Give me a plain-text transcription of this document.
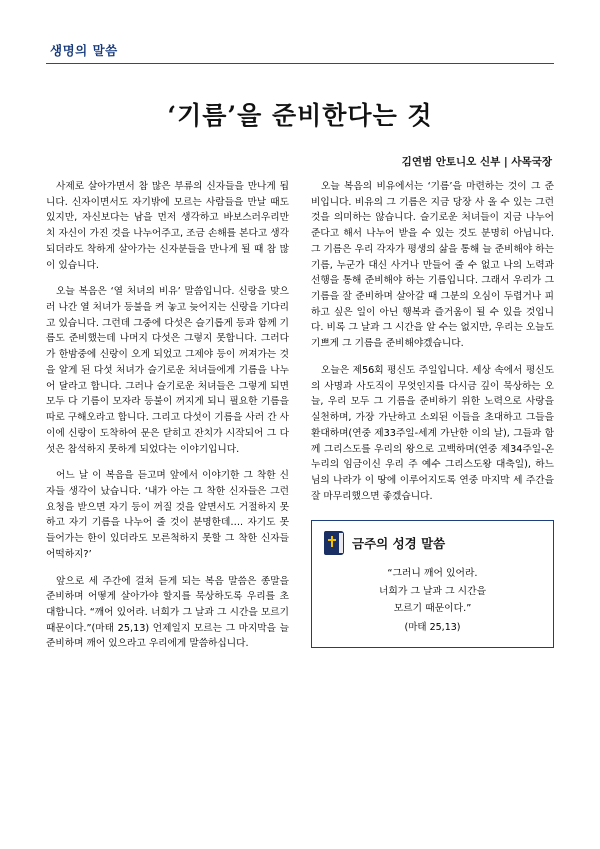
생명의 말씀
‘기름’을 준비한다는 것
김연범 안토니오 신부 | 사목국장

사제로 살아가면서 참 많은 부류의 신자들을 만나게 됩니다. 신자이면서도 자기밖에 모르는 사람들을 만날 때도 있지만, 자신보다는 남을 먼저 생각하고 바보스러우리만치 자신이 가진 것을 나누어주고, 조금 손해를 본다고 생각되더라도 착하게 살아가는 신자분들을 만나게 될 때 참 많이 있습니다.

오늘 복음은 ‘열 처녀의 비유’ 말씀입니다. 신랑을 맞으러 나간 열 처녀가 등불을 켜 놓고 늦어지는 신랑을 기다리고 있습니다. 그런데 그중에 다섯은 슬기롭게 등과 함께 기름도 준비했는데 나머지 다섯은 그렇지 못합니다. 그러다가 한밤중에 신랑이 오게 되었고 그제야 등이 꺼져가는 것을 알게 된 다섯 처녀가 슬기로운 처녀들에게 기름을 나누어 달라고 합니다. 그러나 슬기로운 처녀들은 그렇게 되면 모두 다 기름이 모자라 등불이 꺼지게 되니 필요한 기름을 따로 구해오라고 합니다. 그리고 다섯이 기름을 사러 간 사이에 신랑이 도착하여 문은 닫히고 잔치가 시작되어 그 다섯은 참석하지 못하게 되었다는 이야기입니다.

어느 날 이 복음을 듣고며 앞에서 이야기한 그 착한 신자들 생각이 났습니다. ‘내가 아는 그 착한 신자들은 그런 요청을 받으면 자기 등이 꺼질 것을 알면서도 거절하지 못하고 자기 기름을 나누어 줄 것이 분명한데…. 자기도 못 들어가는 한이 있더라도 모른척하지 못할 그 착한 신자들 어떡하지?’

앞으로 세 주간에 걸쳐 듣게 되는 복음 말씀은 종말을 준비하며 어떻게 살아가야 할지를 묵상하도록 우리를 초대합니다. “깨어 있어라. 너희가 그 날과 그 시간을 모르기 때문이다.”(마태 25,13) 언제일지 모르는 그 마지막을 늘 준비하며 깨어 있으라고 우리에게 말씀하십니다.

오늘 복음의 비유에서는 ‘기름’을 마련하는 것이 그 준비입니다. 비유의 그 기름은 지금 당장 사 올 수 있는 그런 것을 의미하는 않습니다. 슬기로운 처녀들이 지금 나누어 준다고 해서 나누어 받을 수 있는 것도 분명히 아닙니다. 그 기름은 우리 각자가 평생의 삶을 통해 늘 준비해야 하는 기름, 누군가 대신 사거나 만들어 줄 수 없고 나의 노력과 선행을 통해 준비해야 하는 기름입니다. 그래서 우리가 그 기름을 잘 준비하며 살아갈 때 그분의 오심이 두렵거나 피하고 싶은 일이 아닌 행복과 즐거움이 될 수 있을 것입니다. 비록 그 날과 그 시간을 알 수는 없지만, 우리는 오늘도 기쁘게 그 기름을 준비해야겠습니다.

오늘은 제56회 평신도 주일입니다. 세상 속에서 평신도의 사명과 사도직이 무엇인지를 다시금 깊이 묵상하는 오늘, 우리 모두 그 기름을 준비하기 위한 노력으로 사랑을 실천하며, 가장 가난하고 소외된 이들을 초대하고 그들을 환대하며(연중 제33주일-세계 가난한 이의 날), 그들과 함께 그리스도를 우리의 왕으로 고백하며(연중 제34주일-온 누리의 임금이신 우리 주 예수 그리스도왕 대축일), 하느님의 나라가 이 땅에 이루어지도록 연중 마지막 세 주간을 잘 마무리했으면 좋겠습니다.

금주의 성경 말씀
“그러니 깨어 있어라.
너희가 그 날과 그 시간을
모르기 때문이다.”
(마태 25,13)
